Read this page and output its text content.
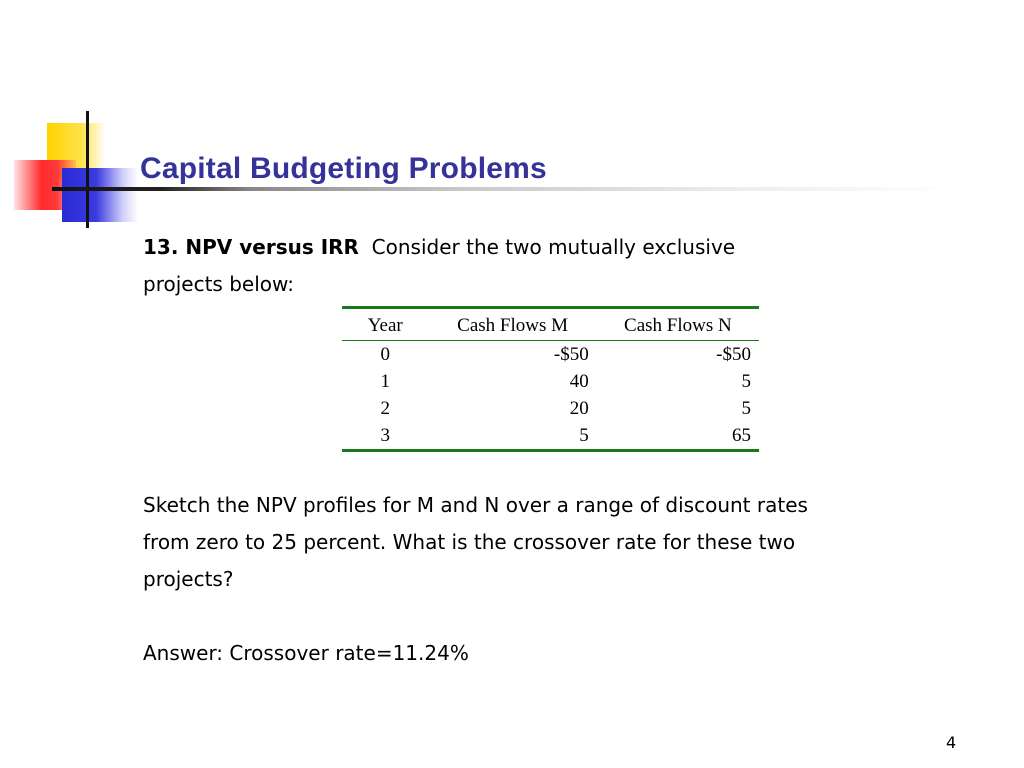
Capital Budgeting Problems

13. NPV versus IRR Consider the two mutually exclusive
projects below:

Year	Cash Flows M	Cash Flows N
0	-$50	-$50
1	40	5
2	20	5
3	5	65

Sketch the NPV profiles for M and N over a range of discount rates
from zero to 25 percent. What is the crossover rate for these two
projects?

Answer: Crossover rate=11.24%

4
